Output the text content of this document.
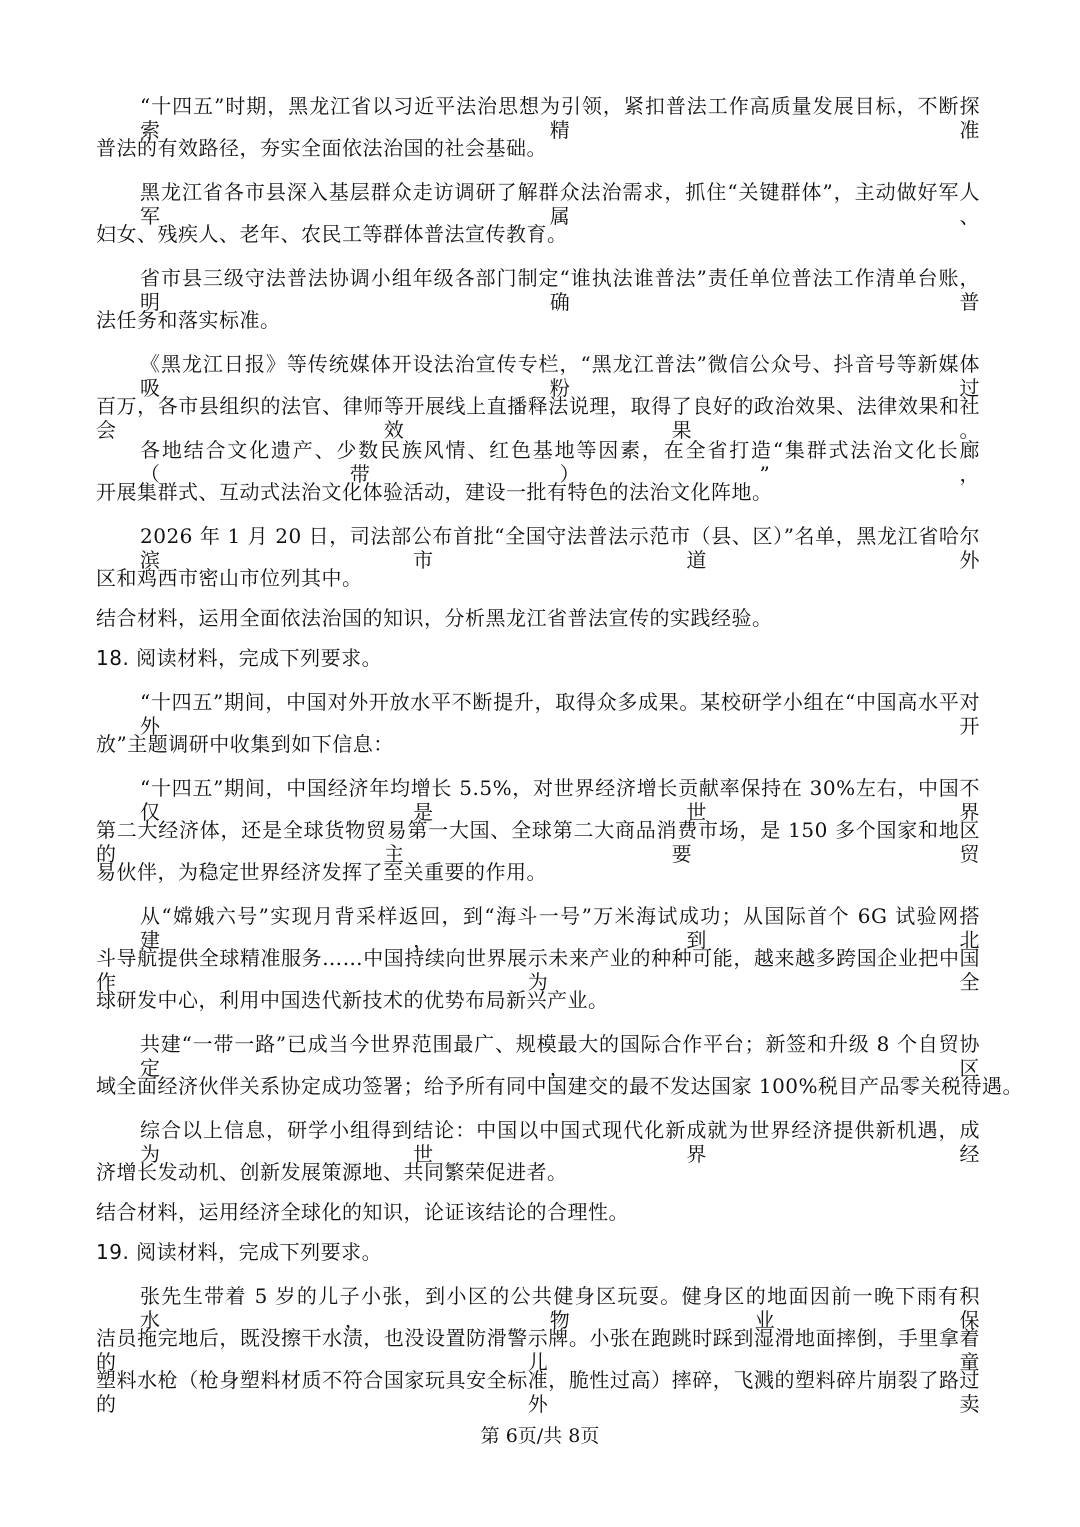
“十四五”时期，黑龙江省以习近平法治思想为引领，紧扣普法工作高质量发展目标，不断探索精准
普法的有效路径，夯实全面依法治国的社会基础。
黑龙江省各市县深入基层群众走访调研了解群众法治需求，抓住“关键群体”，主动做好军人军属、
妇女、残疾人、老年、农民工等群体普法宣传教育。
省市县三级守法普法协调小组年级各部门制定“谁执法谁普法”责任单位普法工作清单台账，明确普
法任务和落实标准。
《黑龙江日报》等传统媒体开设法治宣传专栏，“黑龙江普法”微信公众号、抖音号等新媒体吸粉过
百万，各市县组织的法官、律师等开展线上直播释法说理，取得了良好的政治效果、法律效果和社会效果。
各地结合文化遗产、少数民族风情、红色基地等因素，在全省打造“集群式法治文化长廊（带）”，
开展集群式、互动式法治文化体验活动，建设一批有特色的法治文化阵地。
2026 年 1 月 20 日，司法部公布首批“全国守法普法示范市（县、区）”名单，黑龙江省哈尔滨市道外
区和鸡西市密山市位列其中。
结合材料，运用全面依法治国的知识，分析黑龙江省普法宣传的实践经验。
18. 阅读材料，完成下列要求。
“十四五”期间，中国对外开放水平不断提升，取得众多成果。某校研学小组在“中国高水平对外开
放”主题调研中收集到如下信息：
“十四五”期间，中国经济年均增长 5.5%，对世界经济增长贡献率保持在 30%左右，中国不仅是世界
第二大经济体，还是全球货物贸易第一大国、全球第二大商品消费市场，是 150 多个国家和地区的主要贸
易伙伴，为稳定世界经济发挥了至关重要的作用。
从“嫦娥六号”实现月背采样返回，到“海斗一号”万米海试成功；从国际首个 6G 试验网搭建，到北
斗导航提供全球精准服务……中国持续向世界展示未来产业的种种可能，越来越多跨国企业把中国作为全
球研发中心，利用中国迭代新技术的优势布局新兴产业。
共建“一带一路”已成当今世界范围最广、规模最大的国际合作平台；新签和升级 8 个自贸协定，区
域全面经济伙伴关系协定成功签署；给予所有同中国建交的最不发达国家 100%税目产品零关税待遇。
综合以上信息，研学小组得到结论：中国以中国式现代化新成就为世界经济提供新机遇，成为世界经
济增长发动机、创新发展策源地、共同繁荣促进者。
结合材料，运用经济全球化的知识，论证该结论的合理性。
19. 阅读材料，完成下列要求。
张先生带着 5 岁的儿子小张，到小区的公共健身区玩耍。健身区的地面因前一晚下雨有积水，物业保
洁员拖完地后，既没擦干水渍，也没设置防滑警示牌。小张在跑跳时踩到湿滑地面摔倒，手里拿着的儿童
塑料水枪（枪身塑料材质不符合国家玩具安全标准，脆性过高）摔碎，飞溅的塑料碎片崩裂了路过的外卖
第 6页/共 8页
